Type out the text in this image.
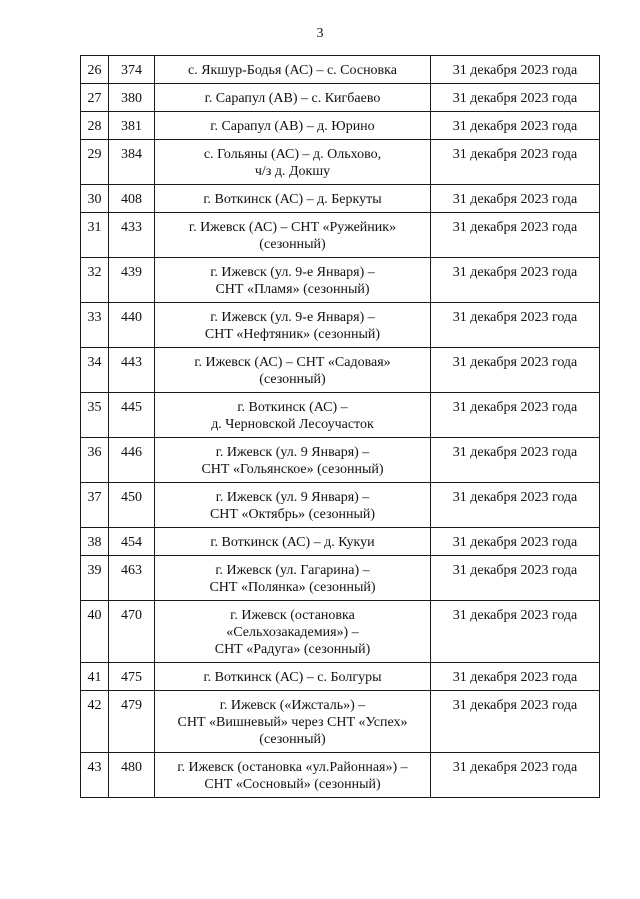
3
26	374	с. Якшур-Бодья (АС) – с. Сосновка	31 декабря 2023 года
27	380	г. Сарапул (АВ) – с. Кигбаево	31 декабря 2023 года
28	381	г. Сарапул (АВ) – д. Юрино	31 декабря 2023 года
29	384	с. Гольяны (АС) – д. Ольхово,
ч/з д. Докшу	31 декабря 2023 года
30	408	г. Воткинск (АС) – д. Беркуты	31 декабря 2023 года
31	433	г. Ижевск (АС) – СНТ «Ружейник»
(сезонный)	31 декабря 2023 года
32	439	г. Ижевск (ул. 9-е Января) –
СНТ «Пламя» (сезонный)	31 декабря 2023 года
33	440	г. Ижевск (ул. 9-е Января) –
СНТ «Нефтяник» (сезонный)	31 декабря 2023 года
34	443	г. Ижевск (АС) – СНТ «Садовая»
(сезонный)	31 декабря 2023 года
35	445	г. Воткинск (АС) –
д. Черновской Лесоучасток	31 декабря 2023 года
36	446	г. Ижевск (ул. 9 Января) –
СНТ «Гольянское» (сезонный)	31 декабря 2023 года
37	450	г. Ижевск (ул. 9 Января) –
СНТ «Октябрь» (сезонный)	31 декабря 2023 года
38	454	г. Воткинск (АС) – д. Кукуи	31 декабря 2023 года
39	463	г. Ижевск (ул. Гагарина) –
СНТ «Полянка» (сезонный)	31 декабря 2023 года
40	470	г. Ижевск (остановка
«Сельхозакадемия») –
СНТ «Радуга» (сезонный)	31 декабря 2023 года
41	475	г. Воткинск (АС) – с. Болгуры	31 декабря 2023 года
42	479	г. Ижевск («Ижсталь») –
СНТ «Вишневый» через СНТ «Успех»
(сезонный)	31 декабря 2023 года
43	480	г. Ижевск (остановка «ул.Районная») –
СНТ «Сосновый» (сезонный)	31 декабря 2023 года
